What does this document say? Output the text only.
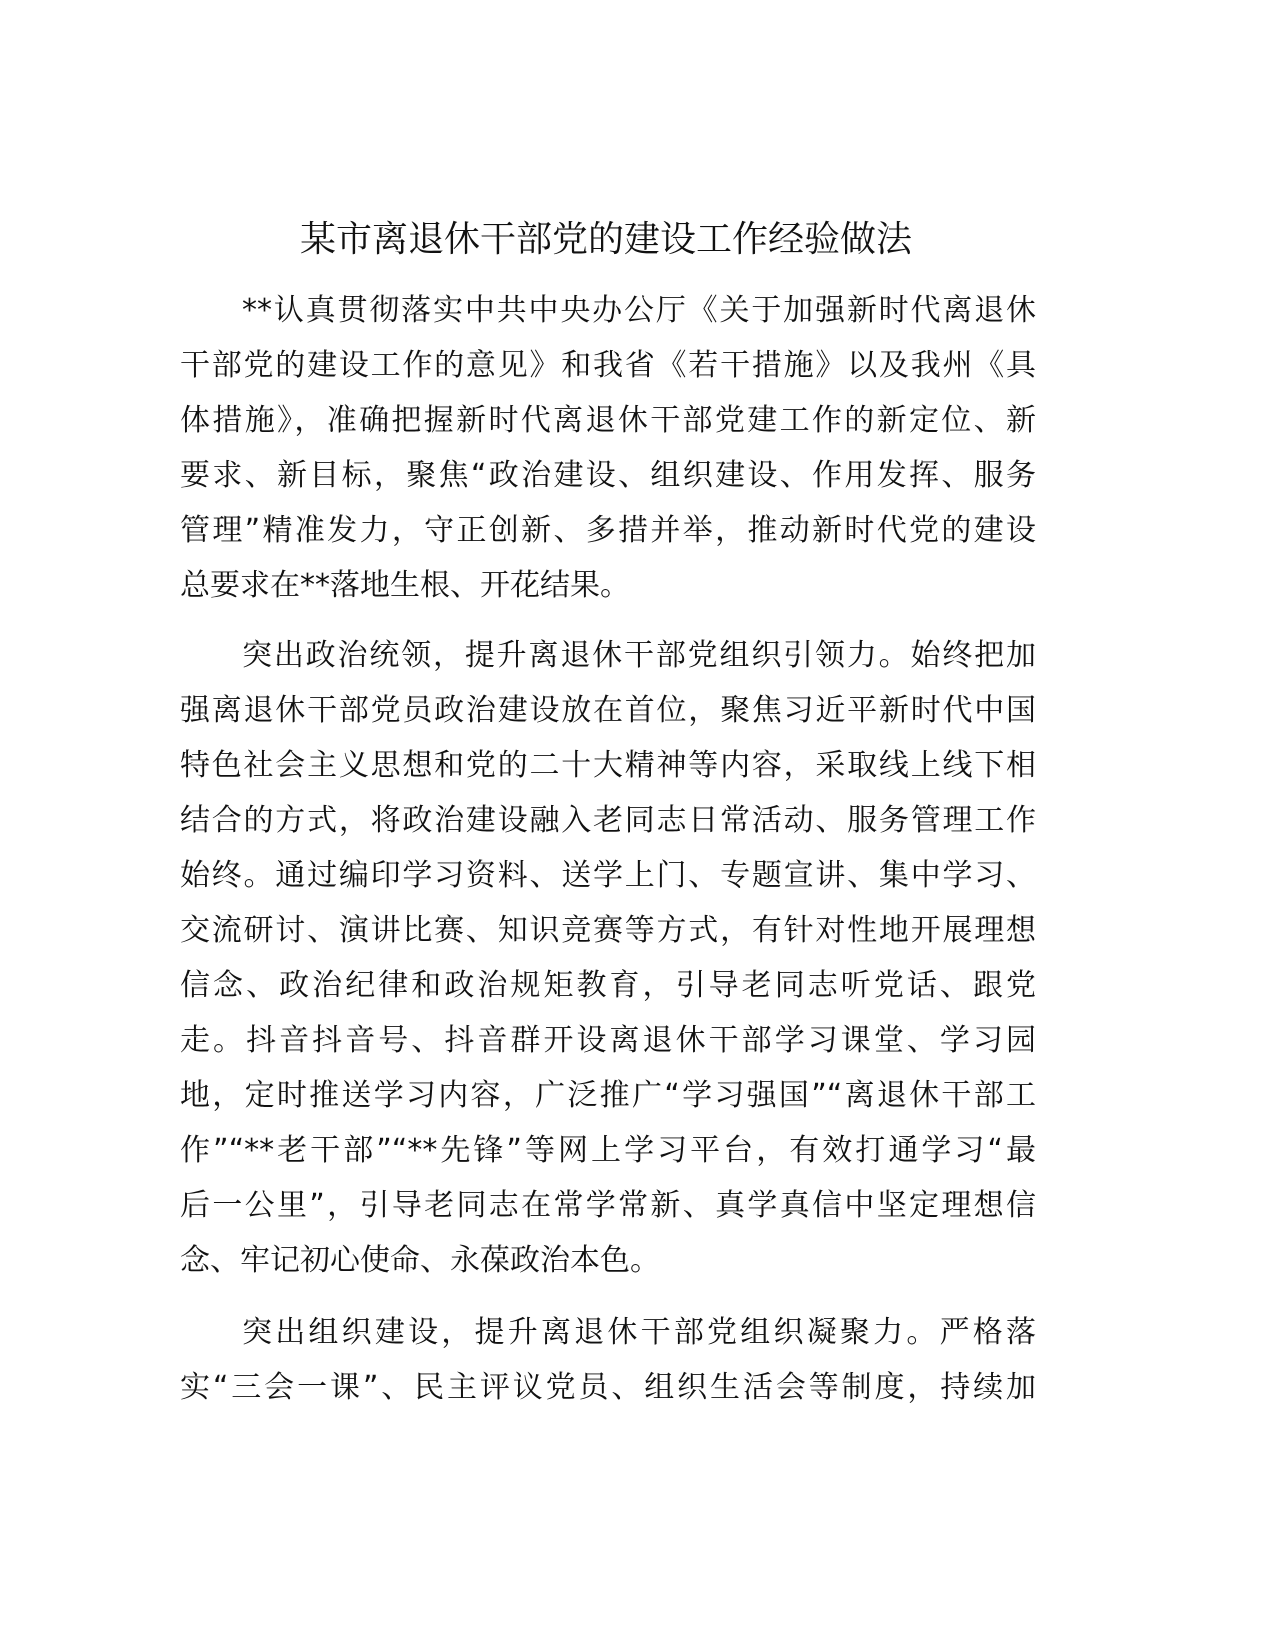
某市离退休干部党的建设工作经验做法
**认真贯彻落实中共中央办公厅《关于加强新时代离退休
干部党的建设工作的意见》和我省《若干措施》以及我州《具
体措施》，准确把握新时代离退休干部党建工作的新定位、新
要求、新目标，聚焦“政治建设、组织建设、作用发挥、服务
管理”精准发力，守正创新、多措并举，推动新时代党的建设
总要求在**落地生根、开花结果。
突出政治统领，提升离退休干部党组织引领力。始终把加
强离退休干部党员政治建设放在首位，聚焦习近平新时代中国
特色社会主义思想和党的二十大精神等内容，采取线上线下相
结合的方式，将政治建设融入老同志日常活动、服务管理工作
始终。通过编印学习资料、送学上门、专题宣讲、集中学习、
交流研讨、演讲比赛、知识竞赛等方式，有针对性地开展理想
信念、政治纪律和政治规矩教育，引导老同志听党话、跟党
走。抖音抖音号、抖音群开设离退休干部学习课堂、学习园
地，定时推送学习内容，广泛推广“学习强国”“离退休干部工
作”“**老干部”“**先锋”等网上学习平台，有效打通学习“最
后一公里”，引导老同志在常学常新、真学真信中坚定理想信
念、牢记初心使命、永葆政治本色。
突出组织建设，提升离退休干部党组织凝聚力。严格落
实“三会一课”、民主评议党员、组织生活会等制度，持续加
